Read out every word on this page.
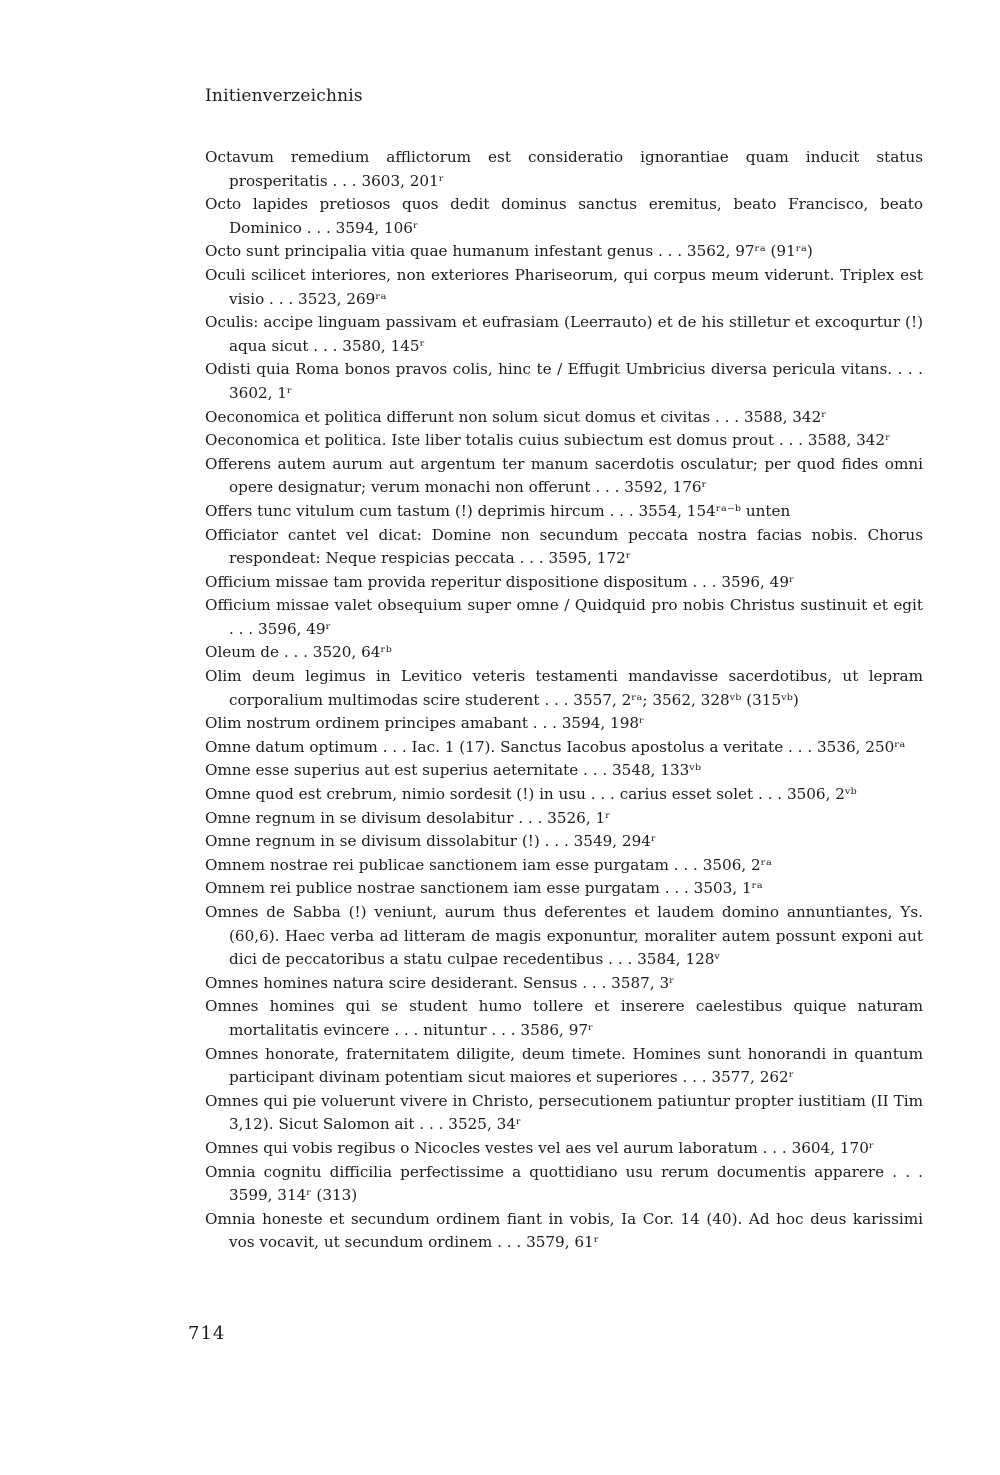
Initienverzeichnis
Octavum remedium afflictorum est consideratio ignorantiae quam inducit status prosperitatis . . . 3603, 201ʳ
Octo lapides pretiosos quos dedit dominus sanctus eremitus, beato Francisco, beato Dominico . . . 3594, 106ʳ
Octo sunt principalia vitia quae humanum infestant genus . . . 3562, 97ʳᵃ (91ʳᵃ)
Oculi scilicet interiores, non exteriores Phariseorum, qui corpus meum viderunt. Triplex est visio . . . 3523, 269ʳᵃ
Oculis: accipe linguam passivam et eufrasiam (Leerrauto) et de his stilletur et excoqurtur (!) aqua sicut . . . 3580, 145ʳ
Odisti quia Roma bonos pravos colis, hinc te / Effugit Umbricius diversa pericula vitans. . . . 3602, 1ʳ
Oeconomica et politica differunt non solum sicut domus et civitas . . . 3588, 342ʳ
Oeconomica et politica. Iste liber totalis cuius subiectum est domus prout . . . 3588, 342ʳ
Offerens autem aurum aut argentum ter manum sacerdotis osculatur; per quod fides omni opere designatur; verum monachi non offerunt . . . 3592, 176ʳ
Offers tunc vitulum cum tastum (!) deprimis hircum . . . 3554, 154ʳᵃ⁻ᵇ unten
Officiator cantet vel dicat: Domine non secundum peccata nostra facias nobis. Chorus respondeat: Neque respicias peccata . . . 3595, 172ʳ
Officium missae tam provida reperitur dispositione dispositum . . . 3596, 49ʳ
Officium missae valet obsequium super omne / Quidquid pro nobis Christus sustinuit et egit . . . 3596, 49ʳ
Oleum de . . . 3520, 64ʳᵇ
Olim deum legimus in Levitico veteris testamenti mandavisse sacerdotibus, ut lepram corporalium multimodas scire studerent . . . 3557, 2ʳᵃ; 3562, 328ᵛᵇ (315ᵛᵇ)
Olim nostrum ordinem principes amabant . . . 3594, 198ʳ
Omne datum optimum . . . Iac. 1 (17). Sanctus Iacobus apostolus a veritate . . . 3536, 250ʳᵃ
Omne esse superius aut est superius aeternitate . . . 3548, 133ᵛᵇ
Omne quod est crebrum, nimio sordesit (!) in usu . . . carius esset solet . . . 3506, 2ᵛᵇ
Omne regnum in se divisum desolabitur . . . 3526, 1ʳ
Omne regnum in se divisum dissolabitur (!) . . . 3549, 294ʳ
Omnem nostrae rei publicae sanctionem iam esse purgatam . . . 3506, 2ʳᵃ
Omnem rei publice nostrae sanctionem iam esse purgatam . . . 3503, 1ʳᵃ
Omnes de Sabba (!) veniunt, aurum thus deferentes et laudem domino annuntiantes, Ys. (60,6). Haec verba ad litteram de magis exponuntur, moraliter autem possunt exponi aut dici de peccatoribus a statu culpae recedentibus . . . 3584, 128ᵛ
Omnes homines natura scire desiderant. Sensus . . . 3587, 3ʳ
Omnes homines qui se student humo tollere et inserere caelestibus quique naturam mortalitatis evincere . . . nituntur . . . 3586, 97ʳ
Omnes honorate, fraternitatem diligite, deum timete. Homines sunt honorandi in quantum participant divinam potentiam sicut maiores et superiores . . . 3577, 262ʳ
Omnes qui pie voluerunt vivere in Christo, persecutionem patiuntur propter iustitiam (II Tim 3,12). Sicut Salomon ait . . . 3525, 34ʳ
Omnes qui vobis regibus o Nicocles vestes vel aes vel aurum laboratum . . . 3604, 170ʳ
Omnia cognitu difficilia perfectissime a quottidiano usu rerum documentis apparere . . . 3599, 314ʳ (313)
Omnia honeste et secundum ordinem fiant in vobis, Ia Cor. 14 (40). Ad hoc deus karissimi vos vocavit, ut secundum ordinem . . . 3579, 61ʳ
714
